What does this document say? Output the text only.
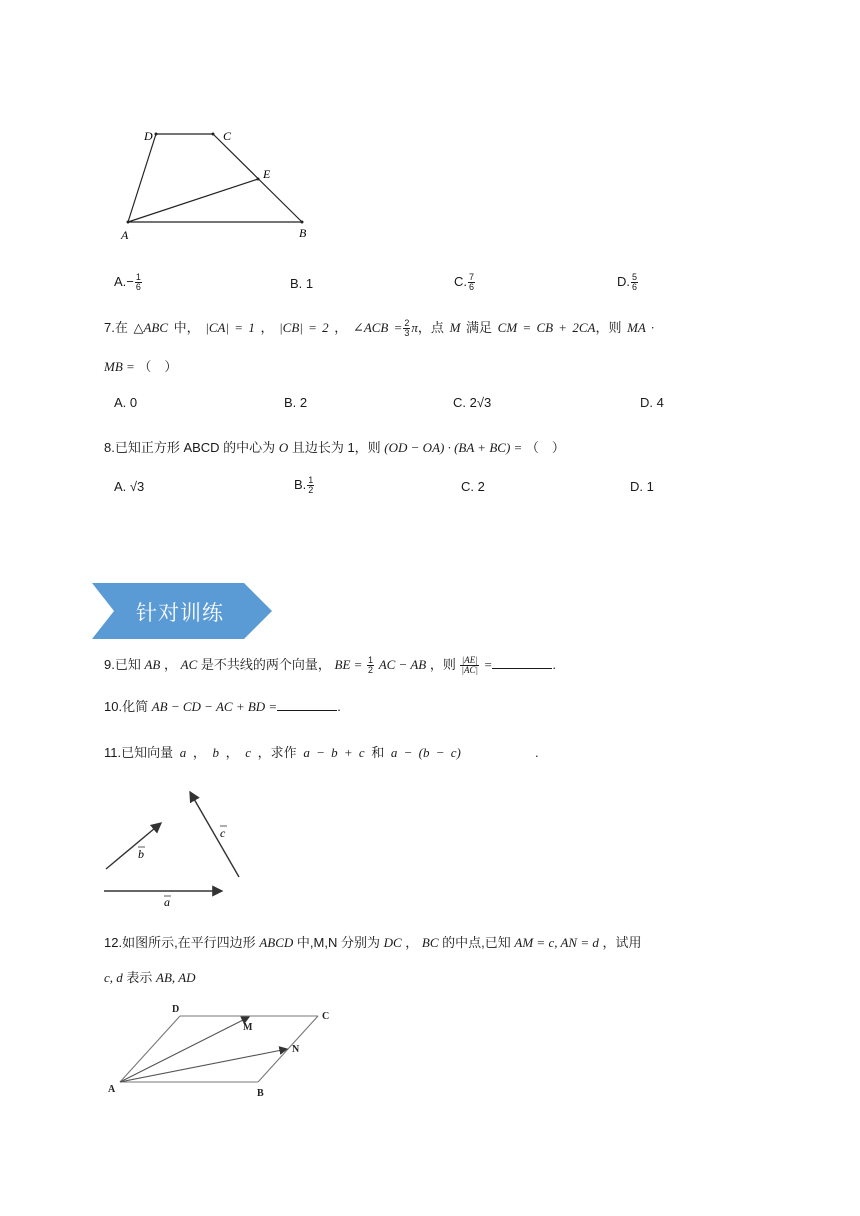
D	C
E
A	B
$A.- \frac{1}{6}$	B. 1	C. $\frac{7}{6}$	D. $\frac{5}{6}$
7.在 △ABC 中， |CA| = 1 ， |CB| = 2 ， ∠ACB = $\frac{2}{3}$ π，点 M 满足 CM = CB + 2CA，则 MA ·
MB = （　）
A. 0	B. 2	C. 2√3	D. 4
8.已知正方形 ABCD 的中心为 O 且边长为 1，则 (OD − OA) · (BA + BC) = （　）
A. √3	B. $\frac{1}{2}$	C. 2	D. 1
针对训练
9.已知 AB ， AC 是不共线的两个向量， BE = $\frac{1}{2}$ AC − AB ，则 $\frac{|AE|}{|AC|}$ =	.
10.化简 AB − CD − AC + BD =	.
11.已知向量 a ， b ， c ，求作 a − b + c 和 a − (b − c)	.
b
c
a
12.如图所示,在平行四边形 ABCD 中,M,N 分别为 DC ， BC 的中点,已知 AM = c, AN = d ，试用
c, d 表示 AB, AD
D
M
C
N
A	B
